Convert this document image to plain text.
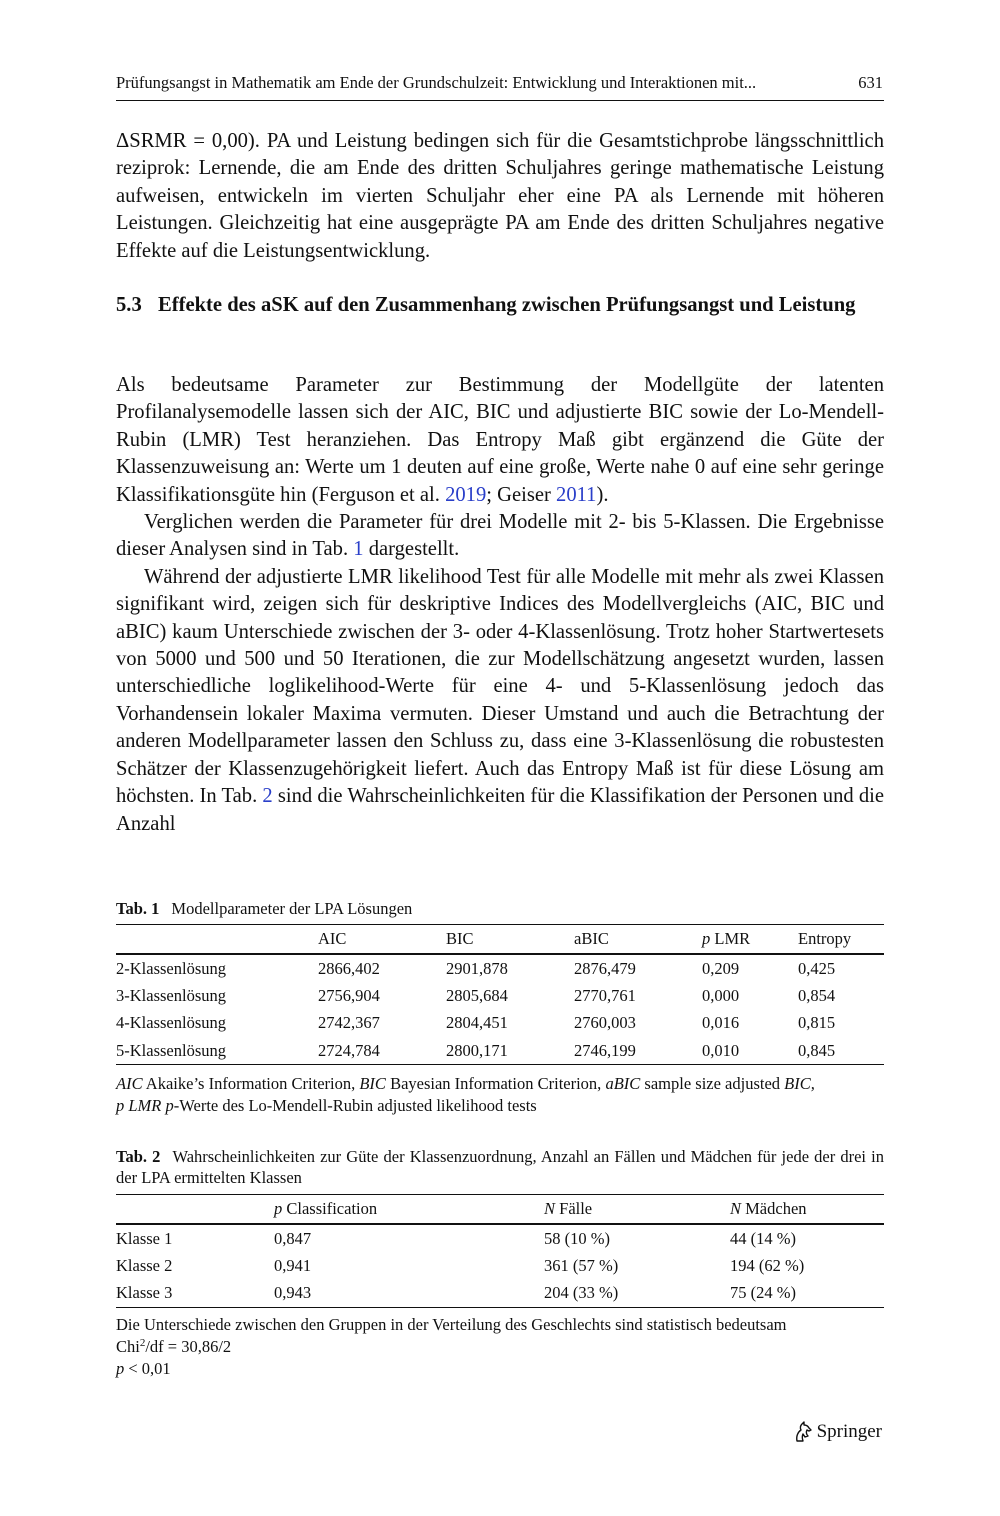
Prüfungsangst in Mathematik am Ende der Grundschulzeit: Entwicklung und Interaktionen mit...	631

ΔSRMR = 0,00). PA und Leistung bedingen sich für die Gesamtstichprobe längsschnittlich reziprok: Lernende, die am Ende des dritten Schuljahres geringe mathematische Leistung aufweisen, entwickeln im vierten Schuljahr eher eine PA als Lernende mit höheren Leistungen. Gleichzeitig hat eine ausgeprägte PA am Ende des dritten Schuljahres negative Effekte auf die Leistungsentwicklung.

5.3 Effekte des aSK auf den Zusammenhang zwischen Prüfungsangst und Leistung

Als bedeutsame Parameter zur Bestimmung der Modellgüte der latenten Profilanalysemodelle lassen sich der AIC, BIC und adjustierte BIC sowie der Lo-Mendell-Rubin (LMR) Test heranziehen. Das Entropy Maß gibt ergänzend die Güte der Klassenzuweisung an: Werte um 1 deuten auf eine große, Werte nahe 0 auf eine sehr geringe Klassifikationsgüte hin (Ferguson et al. 2019; Geiser 2011).

Verglichen werden die Parameter für drei Modelle mit 2- bis 5-Klassen. Die Ergebnisse dieser Analysen sind in Tab. 1 dargestellt.

Während der adjustierte LMR likelihood Test für alle Modelle mit mehr als zwei Klassen signifikant wird, zeigen sich für deskriptive Indices des Modellvergleichs (AIC, BIC und aBIC) kaum Unterschiede zwischen der 3- oder 4-Klassenlösung. Trotz hoher Startwertesets von 5000 und 500 und 50 Iterationen, die zur Modellschätzung angesetzt wurden, lassen unterschiedliche loglikelihood-Werte für eine 4- und 5-Klassenlösung jedoch das Vorhandensein lokaler Maxima vermuten. Dieser Umstand und auch die Betrachtung der anderen Modellparameter lassen den Schluss zu, dass eine 3-Klassenlösung die robustesten Schätzer der Klassenzugehörigkeit liefert. Auch das Entropy Maß ist für diese Lösung am höchsten. In Tab. 2 sind die Wahrscheinlichkeiten für die Klassifikation der Personen und die Anzahl

Tab. 1 Modellparameter der LPA Lösungen
	AIC	BIC	aBIC	p LMR	Entropy
2-Klassenlösung	2866,402	2901,878	2876,479	0,209	0,425
3-Klassenlösung	2756,904	2805,684	2770,761	0,000	0,854
4-Klassenlösung	2742,367	2804,451	2760,003	0,016	0,815
5-Klassenlösung	2724,784	2800,171	2746,199	0,010	0,845

AIC Akaike’s Information Criterion, BIC Bayesian Information Criterion, aBIC sample size adjusted BIC,

p LMR p-Werte des Lo-Mendell-Rubin adjusted likelihood tests

Tab. 2 Wahrscheinlichkeiten zur Güte der Klassenzuordnung, Anzahl an Fällen und Mädchen für jede der drei in der LPA ermittelten Klassen
	p Classification	N Fälle	N Mädchen
Klasse 1	0,847	58 (10 %)	44 (14 %)
Klasse 2	0,941	361 (57 %)	194 (62 %)
Klasse 3	0,943	204 (33 %)	75 (24 %)

Die Unterschiede zwischen den Gruppen in der Verteilung des Geschlechts sind statistisch bedeutsam

Chi$^2$/df = 30,86/2

p < 0,01

Springer
